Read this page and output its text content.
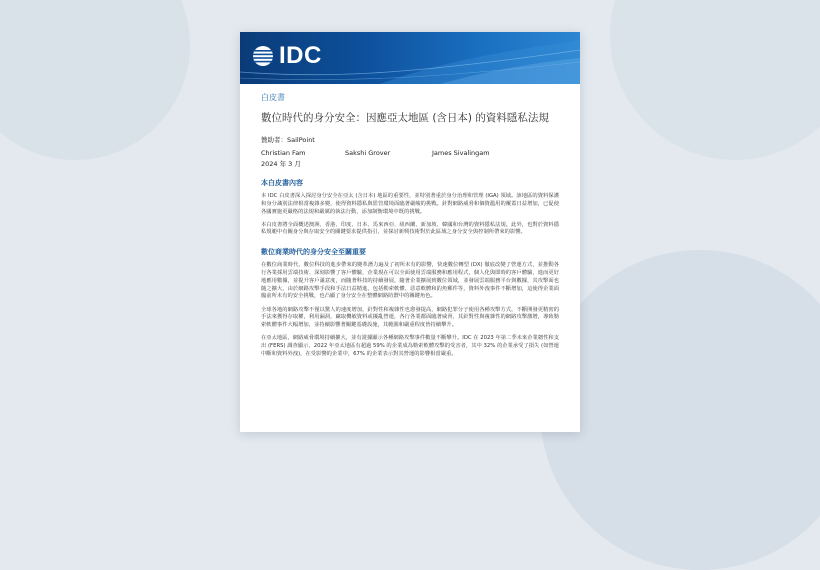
IDC
白皮書
數位時代的身分安全：因應亞太地區 (含日本) 的資料隱私法規
贊助者：SailPoint
Christian Fam	Sakshi Grover	James Sivalingam
2024 年 3 月
本白皮書內容

本 IDC 白皮書深入探討身分安全在亞太 (含日本) 地區的重要性，並特別著重於身分治理和管理 (IGA) 領域。該地區的資料保護和身分識別法律相當複雜多變，使得資料隱私與監管環境面臨著嚴峻的挑戰。針對網路威脅和個資濫用的覆蓋日益增加，已促使各國實施更嚴格的法規和嚴厲的執法行動，添加制衡環境中既的挑戰。

本白皮書將全面概述澳洲、香港、印度、日本、馬來西亞、紐西蘭、新加坡、韓國和台灣的資料隱私法規。此外，也對於資料隱私規範中有關身分與存取安全的關鍵要求提供指引，並探討新興技術對於此區域之身分安全與控制所帶來的影響。

數位商業時代的身分安全至關重要

在數位商業時代，數位科技的進步帶來的變革潛力遍及了初所未有的影響，快速數位轉型 (DX) 徹底改變了營運方式，並推動各行各業採用雲端技術、深刻影響了客戶體驗，企業現在可以全面使用雲端服務和應用程式，個人化與即時的客戶體驗，進而更好地應用數據，並提升客戶滿意度，而隨著科技的持續發展，隨著企業擴展到數位領域，並發展雲端服務平台與數據，其攻擊面也隨之擴大，由於網路攻擊手段和手法日益精進，包括勒索軟體、惡意軟體和釣魚郵件等，資料外洩事件不斷增加，這使得企業面臨前所未有的安全挑戰，也凸顯了身分安全在整體網路防禦中的關鍵角色。

全球各地的網路攻擊不僅以驚人的速度增加，針對性和複雜性也愈發提高，網路犯罪分子使用各種攻擊方式，不斷開發更精密的手法來獲得存取權，利用漏洞，竊取機敏資料或擾亂營運，各行各業都面臨著威脅，其針對性與複雜性的網路攻擊激增，導致勒索軟體事件大幅增加，並持續影響著關鍵基礎設施，其範圍和嚴重程度皆持續攀升。

在亞太地區，網路威脅環境持續擴大，並有證據顯示各種網路攻擊事件數量不斷攀升。IDC 在 2023 年第二季未來企業韌性和支出 (FERS) 調查顯示，2022 年亞太地區有超過 59% 的企業成為勒索軟體攻擊的受害者，其中 32% 的企業承受了損失 (如營運中斷和資料外洩)，在受影響的企業中，67% 的企業表示對其營運的影響相當嚴重。
